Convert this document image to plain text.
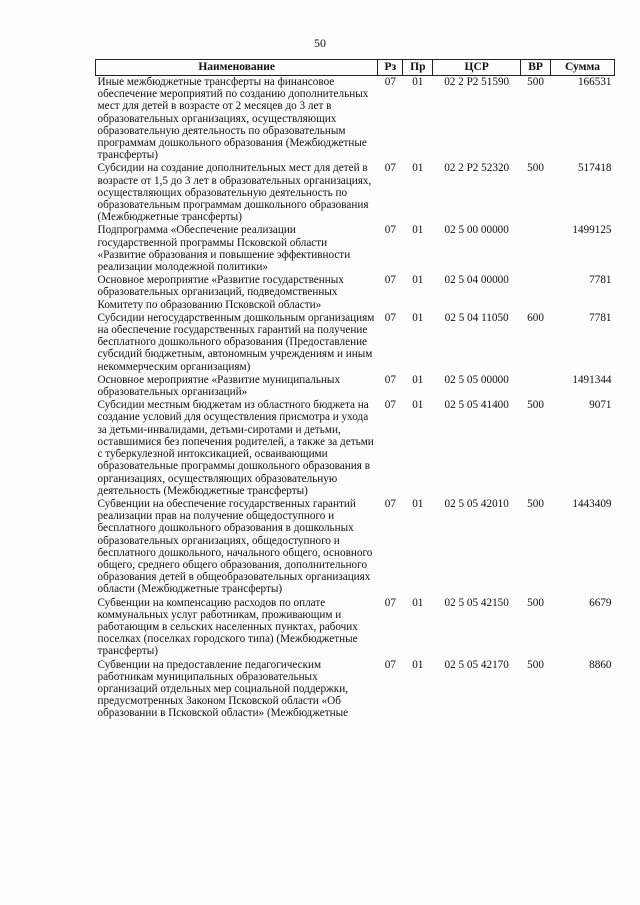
50
Наименование	Рз	Пр	ЦСР	ВР	Сумма
Иные межбюджетные трансферты на финансовое обеспечение мероприятий по созданию дополнительных мест для детей в возрасте от 2 месяцев до 3 лет в образовательных организациях, осуществляющих образовательную деятельность по образовательным программам дошкольного образования (Межбюджетные трансферты)	07	01	02 2 Р2 51590	500	166531
Субсидии на создание дополнительных мест для детей в возрасте от 1,5 до 3 лет в образовательных организациях, осуществляющих образовательную деятельность по образовательным программам дошкольного образования (Межбюджетные трансферты)	07	01	02 2 Р2 52320	500	517418
Подпрограмма «Обеспечение реализации государственной программы Псковской области «Развитие образования и повышение эффективности реализации молодежной политики»	07	01	02 5 00 00000		1499125
Основное мероприятие «Развитие государственных образовательных организаций, подведомственных Комитету по образованию Псковской области»	07	01	02 5 04 00000		7781
Субсидии негосударственным дошкольным организациям на обеспечение государственных гарантий на получение бесплатного дошкольного образования (Предоставление субсидий бюджетным, автономным учреждениям и иным некоммерческим организациям)	07	01	02 5 04 11050	600	7781
Основное мероприятие «Развитие муниципальных образовательных организаций»	07	01	02 5 05 00000		1491344
Субсидии местным бюджетам из областного бюджета на создание условий для осуществления присмотра и ухода за детьми-инвалидами, детьми-сиротами и детьми, оставшимися без попечения родителей, а также за детьми с туберкулезной интоксикацией, осваивающими образовательные программы дошкольного образования в организациях, осуществляющих образовательную деятельность (Межбюджетные трансферты)	07	01	02 5 05 41400	500	9071
Субвенции на обеспечение государственных гарантий реализации прав на получение общедоступного и бесплатного дошкольного образования в дошкольных образовательных организациях, общедоступного и бесплатного дошкольного, начального общего, основного общего, среднего общего образования, дополнительного образования детей в общеобразовательных организациях области (Межбюджетные трансферты)	07	01	02 5 05 42010	500	1443409
Субвенции на компенсацию расходов по оплате коммунальных услуг работникам, проживающим и работающим в сельских населенных пунктах, рабочих поселках (поселках городского типа) (Межбюджетные трансферты)	07	01	02 5 05 42150	500	6679
Субвенции на предоставление педагогическим работникам муниципальных образовательных организаций отдельных мер социальной поддержки, предусмотренных Законом Псковской области «Об образовании в Псковской области» (Межбюджетные	07	01	02 5 05 42170	500	8860
